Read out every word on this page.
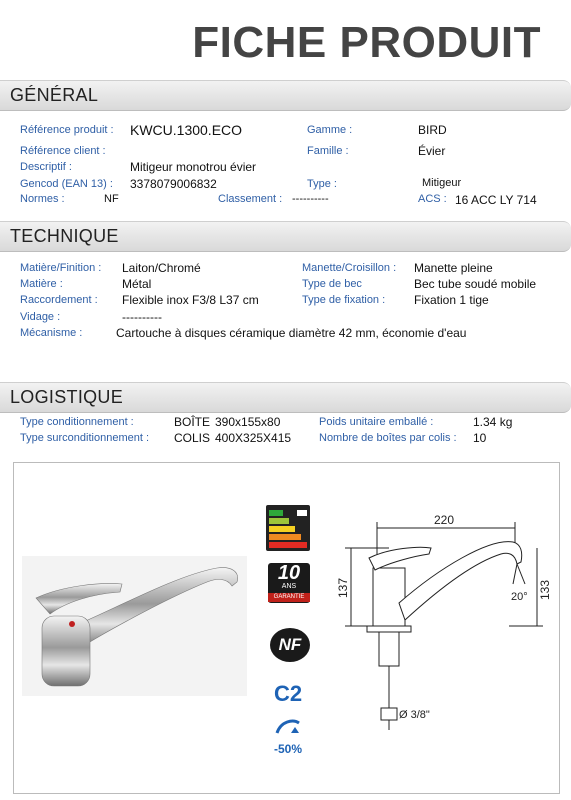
FICHE PRODUIT
GÉNÉRAL
Référence produit : KWCU.1300.ECO	Gamme :	BIRD
Référence client :	Famille :	Évier
Descriptif :	Mitigeur monotrou évier
Gencod (EAN 13) : 3378079006832	Type :	Mitigeur
Normes :	NF	Classement : ----------	ACS : 16 ACC LY 714
TECHNIQUE
Matière/Finition : Laiton/Chromé	Manette/Croisillon : Manette pleine
Matière :	Métal	Type de bec	Bec tube soudé mobile
Raccordement : Flexible inox F3/8 L37 cm	Type de fixation : Fixation 1 tige
Vidage :	----------
Mécanisme :	Cartouche à disques céramique diamètre 42 mm, économie d'eau
LOGISTIQUE
Type conditionnement :	BOÎTE 390x155x80	Poids unitaire emballé :	1.34 kg
Type surconditionnement : COLIS 400X325X415	Nombre de boîtes par colis : 10
10
ANS
GARANTIE
NF
C2
-50%
220
137	133
20°
Ø 3/8"
